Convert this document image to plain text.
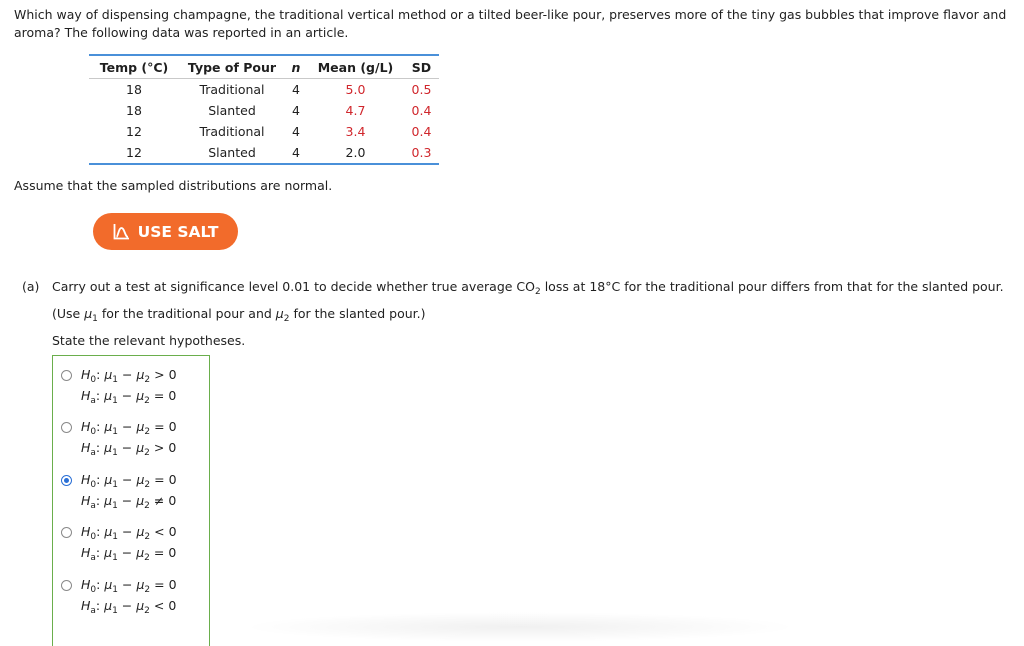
Which way of dispensing champagne, the traditional vertical method or a tilted beer-like pour, preserves more of the tiny gas bubbles that improve flavor and aroma? The following data was reported in an article.
Temp (°C)	Type of Pour	n	Mean (g/L)	SD
18	Traditional	4	5.0	0.5
18	Slanted	4	4.7	0.4
12	Traditional	4	3.4	0.4
12	Slanted	4	2.0	0.3
Assume that the sampled distributions are normal.
USE SALT
(a) Carry out a test at significance level 0.01 to decide whether true average $CO_2$ loss at 18°C for the traditional pour differs from that for the slanted pour.
(Use $\mu_1$ for the traditional pour and $\mu_2$ for the slanted pour.)
State the relevant hypotheses.
$H_0$: $\mu_1 - \mu_2 > 0$
$H_a$: $\mu_1 - \mu_2 = 0$
$H_0$: $\mu_1 - \mu_2 = 0$
$H_a$: $\mu_1 - \mu_2 > 0$
$H_0$: $\mu_1 - \mu_2 = 0$
$H_a$: $\mu_1 - \mu_2 \ne 0$
$H_0$: $\mu_1 - \mu_2 < 0$
$H_a$: $\mu_1 - \mu_2 = 0$
$H_0$: $\mu_1 - \mu_2 = 0$
$H_a$: $\mu_1 - \mu_2 < 0$
